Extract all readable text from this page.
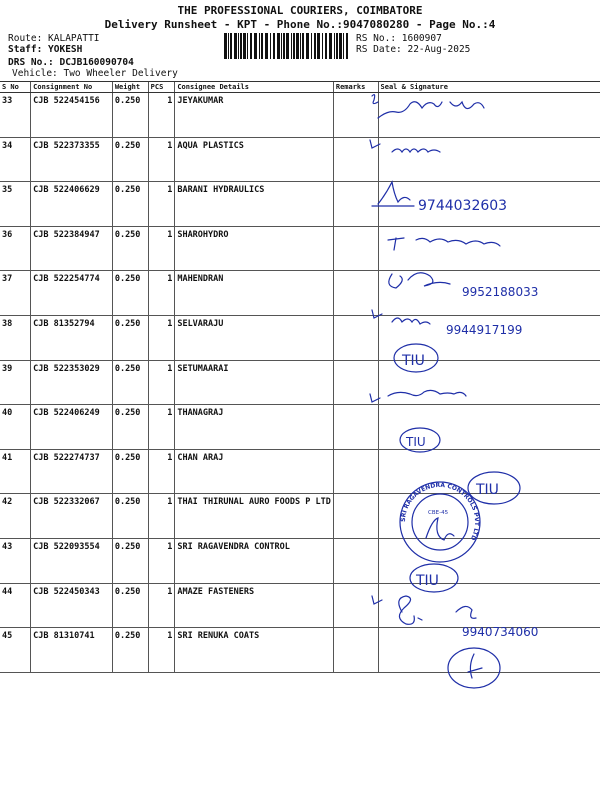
THE PROFESSIONAL COURIERS, COIMBATORE
Delivery Runsheet - KPT - Phone No.:9047080280 - Page No.:4
Route: KALAPATTI
Staff: YOKESH
DRS No.: DCJB160090704
Vehicle: Two Wheeler Delivery
RS No.: 1600907
RS Date: 22-Aug-2025
S No	Consignment No	Weight	PCS	Consignee Details	Remarks	Seal & Signature
33	CJB 522454156	0.250	1	JEYAKUMAR		
34	CJB 522373355	0.250	1	AQUA PLASTICS		
35	CJB 522406629	0.250	1	BARANI HYDRAULICS		
36	CJB 522384947	0.250	1	SHAROHYDRO		
37	CJB 522254774	0.250	1	MAHENDRAN		
38	CJB 81352794	0.250	1	SELVARAJU		
39	CJB 522353029	0.250	1	SETUMAARAI		
40	CJB 522406249	0.250	1	THANAGRAJ		
41	CJB 522274737	0.250	1	CHAN ARAJ		
42	CJB 522332067	0.250	1	THAI THIRUNAL AURO FOODS P LTD		
43	CJB 522093554	0.250	1	SRI RAGAVENDRA CONTROL		
44	CJB 522450343	0.250	1	AMAZE FASTENERS		
45	CJB 81310741	0.250	1	SRI RENUKA COATS		
9744032603
9952188033
9944917199
9940734060
TIU
TIU
TIU
TIU
CBE-45
SRI RAGAVENDRA CONTROLS PVT LTD
